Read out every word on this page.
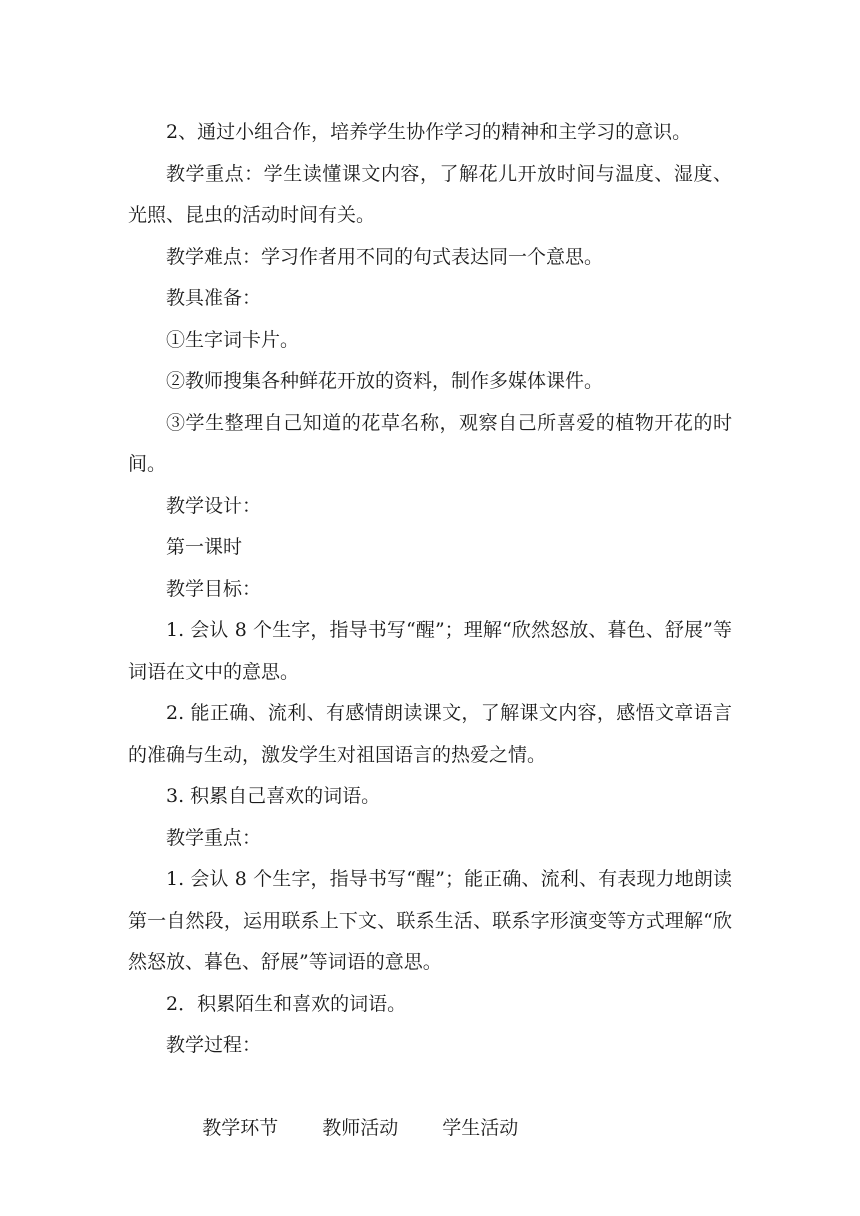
2、通过小组合作，培养学生协作学习的精神和主学习的意识。

教学重点：学生读懂课文内容，了解花儿开放时间与温度、湿度、光照、昆虫的活动时间有关。

教学难点：学习作者用不同的句式表达同一个意思。

教具准备：

①生字词卡片。

②教师搜集各种鲜花开放的资料，制作多媒体课件。

③学生整理自己知道的花草名称，观察自己所喜爱的植物开花的时间。

教学设计：

第一课时

教学目标：

1. 会认 8 个生字，指导书写“醒”；理解“欣然怒放、暮色、舒展”等词语在文中的意思。

2. 能正确、流利、有感情朗读课文，了解课文内容，感悟文章语言的准确与生动，激发学生对祖国语言的热爱之情。

3. 积累自己喜欢的词语。

教学重点：

1. 会认 8 个生字，指导书写“醒”；能正确、流利、有表现力地朗读第一自然段，运用联系上下文、联系生活、联系字形演变等方式理解“欣然怒放、暮色、舒展”等词语的意思。

2．积累陌生和喜欢的词语。

教学过程：

教学环节 教师活动 学生活动
